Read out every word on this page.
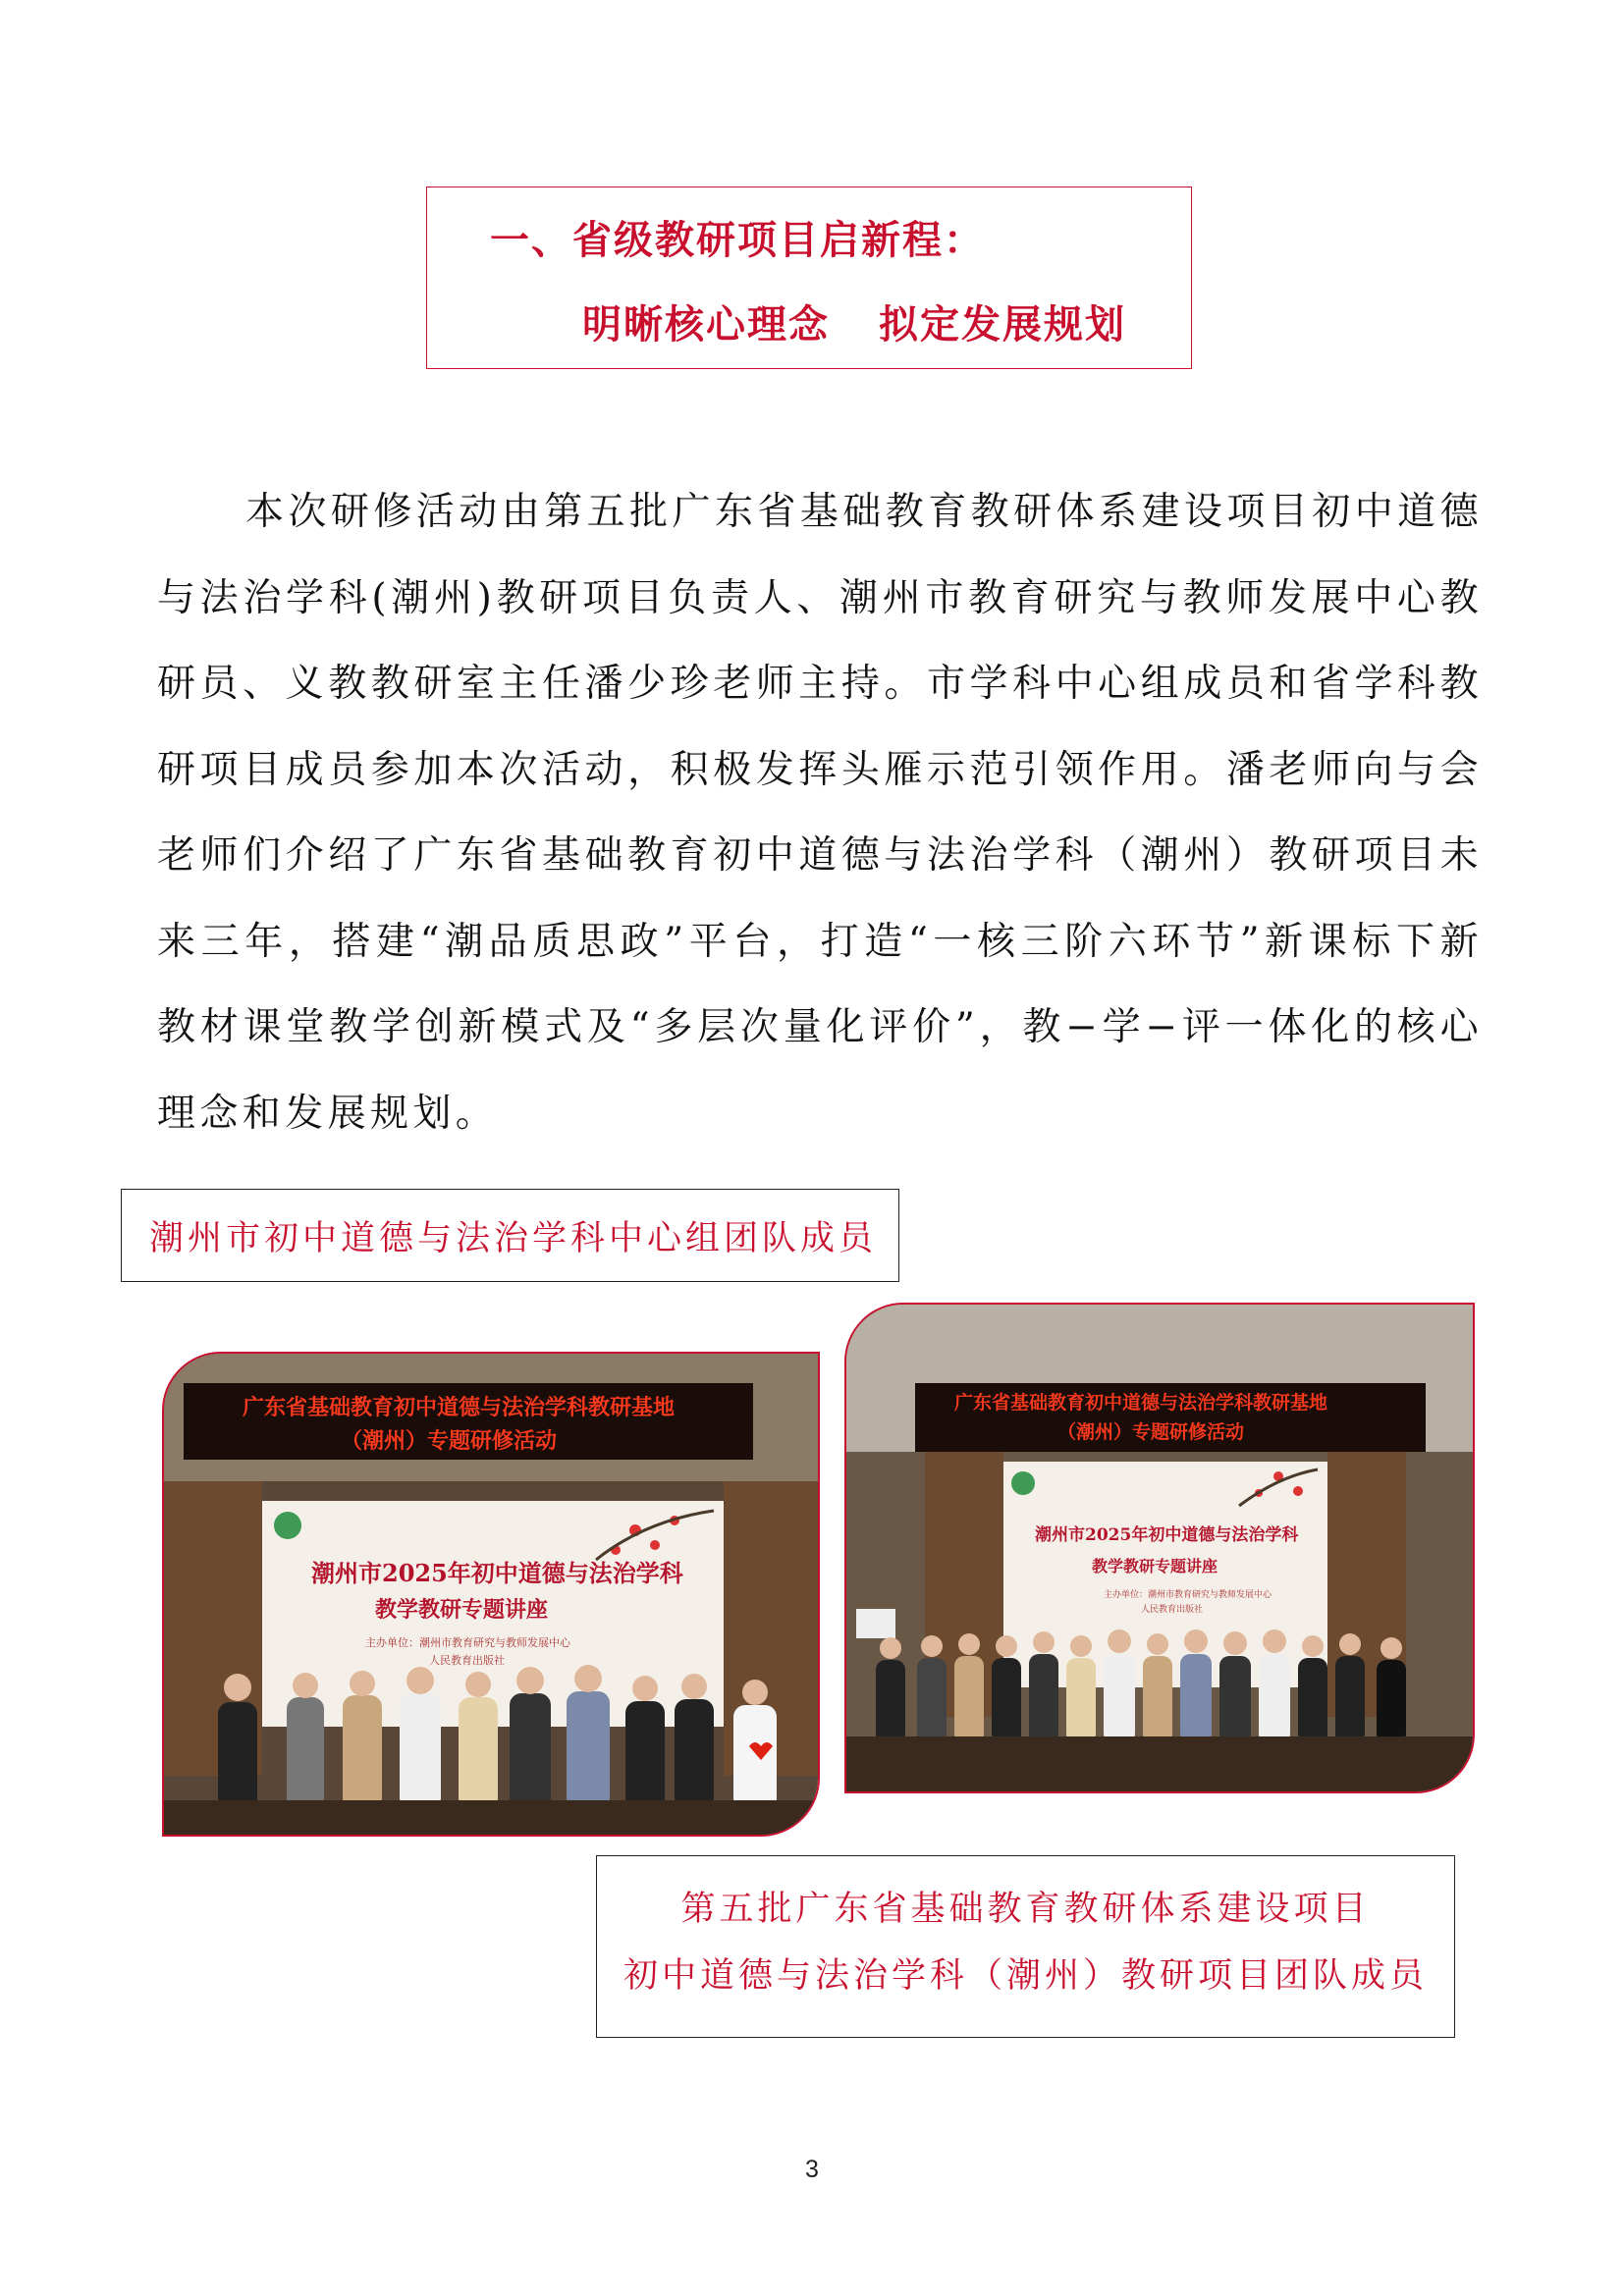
一、省级教研项目启新程：
明晰核心理念 拟定发展规划

本次研修活动由第五批广东省基础教育教研体系建设项目初中道德与法治学科(潮州)教研项目负责人、潮州市教育研究与教师发展中心教研员、义教教研室主任潘少珍老师主持。市学科中心组成员和省学科教研项目成员参加本次活动，积极发挥头雁示范引领作用。潘老师向与会老师们介绍了广东省基础教育初中道德与法治学科（潮州）教研项目未来三年，搭建“潮品质思政”平台，打造“一核三阶六环节”新课标下新教材课堂教学创新模式及“多层次量化评价”，教−学−评一体化的核心理念和发展规划。

潮州市初中道德与法治学科中心组团队成员
广东省基础教育初中道德与法治学科教研基地
（潮州）专题研修活动
潮州市2025年初中道德与法治学科
教学教研专题讲座
主办单位：潮州市教育研究与教师发展中心
人民教育出版社
广东省基础教育初中道德与法治学科教研基地
（潮州）专题研修活动
潮州市2025年初中道德与法治学科
教学教研专题讲座
主办单位：潮州市教育研究与教师发展中心
人民教育出版社
第五批广东省基础教育教研体系建设项目
初中道德与法治学科（潮州）教研项目团队成员
3
